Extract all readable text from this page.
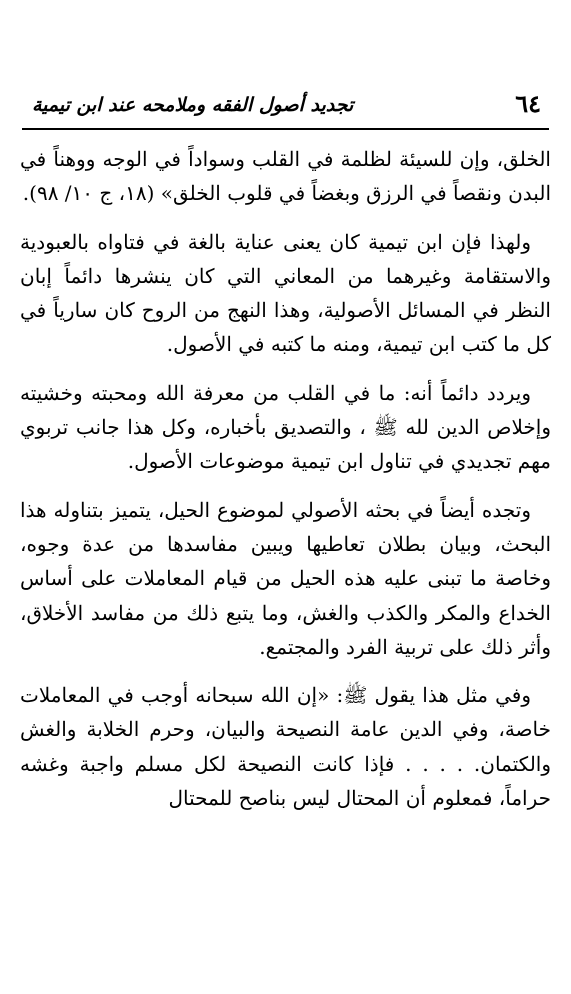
٦٤
تجديد أصول الفقه وملامحه عند ابن تيمية

الخلق، وإن للسيئة لظلمة في القلب وسواداً في الوجه ووهناً في البدن ونقصاً في الرزق وبغضاً في قلوب الخلق» (١٨، ج ١٠/ ٩٨).

ولهذا فإن ابن تيمية كان يعنى عناية بالغة في فتاواه بالعبودية والاستقامة وغيرهما من المعاني التي كان ينشرها دائماً إبان النظر في المسائل الأصولية، وهذا النهج من الروح كان سارياً في كل ما كتب ابن تيمية، ومنه ما كتبه في الأصول.

ويردد دائماً أنه: ما في القلب من معرفة الله ومحبته وخشيته وإخلاص الدين لله ﷺ ، والتصديق بأخباره، وكل هذا جانب تربوي مهم تجديدي في تناول ابن تيمية موضوعات الأصول.

وتجده أيضاً في بحثه الأصولي لموضوع الحيل، يتميز بتناوله هذا البحث، وبيان بطلان تعاطيها ويبين مفاسدها من عدة وجوه، وخاصة ما تبنى عليه هذه الحيل من قيام المعاملات على أساس الخداع والمكر والكذب والغش، وما يتبع ذلك من مفاسد الأخلاق، وأثر ذلك على تربية الفرد والمجتمع.

وفي مثل هذا يقول ﷺ: «إن الله سبحانه أوجب في المعاملات خاصة، وفي الدين عامة النصيحة والبيان، وحرم الخلابة والغش والكتمان. . . . . فإذا كانت النصيحة لكل مسلم واجبة وغشه حراماً، فمعلوم أن المحتال ليس بناصح للمحتال
